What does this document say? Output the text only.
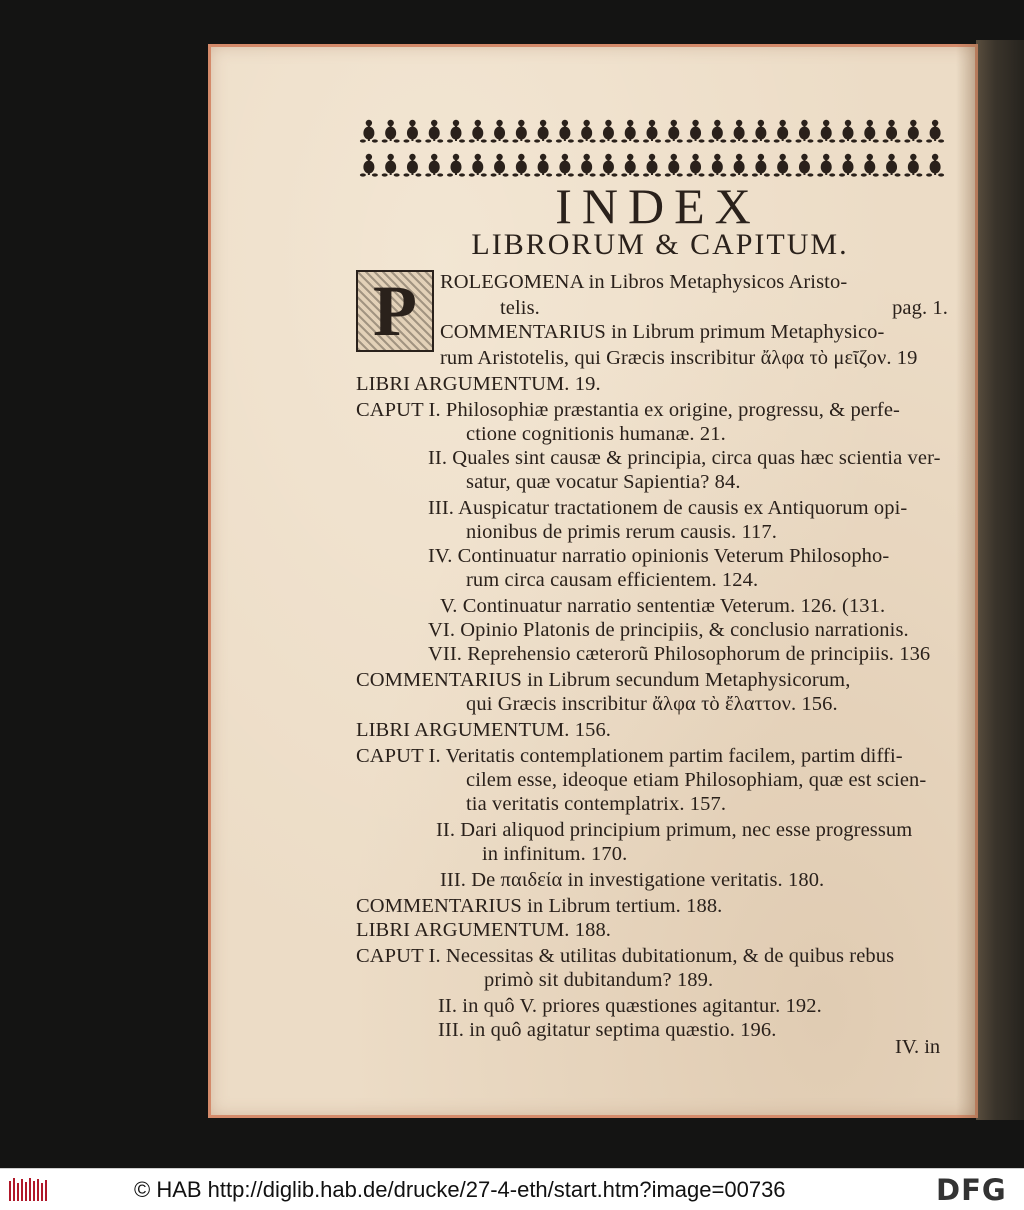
INDEX
LIBRORUM & CAPITUM.
P	ROLEGOMENA in Libros Metaphysicos Aristo-
telis.	pag. 1.
COMMENTARIUS in Librum primum Metaphysico-
rum Aristotelis, qui Græcis inscribitur ἄλφα τὸ μεῖζον. 19
LIBRI ARGUMENTUM. 19.
CAPUT I. Philosophiæ præstantia ex origine, progressu, & perfe-
ctione cognitionis humanæ. 21.
II. Quales sint causæ & principia, circa quas hæc scientia ver-
satur, quæ vocatur Sapientia? 84.
III. Auspicatur tractationem de causis ex Antiquorum opi-
nionibus de primis rerum causis. 117.
IV. Continuatur narratio opinionis Veterum Philosopho-
rum circa causam efficientem. 124.
V. Continuatur narratio sententiæ Veterum. 126. (131.
VI. Opinio Platonis de principiis, & conclusio narrationis.
VII. Reprehensio cæterorũ Philosophorum de principiis. 136
COMMENTARIUS in Librum secundum Metaphysicorum,
qui Græcis inscribitur ἄλφα τὸ ἔλαττον. 156.
LIBRI ARGUMENTUM. 156.
CAPUT I. Veritatis contemplationem partim facilem, partim diffi-
cilem esse, ideoque etiam Philosophiam, quæ est scien-
tia veritatis contemplatrix. 157.
II. Dari aliquod principium primum, nec esse progressum
in infinitum. 170.
III. De παιδεία in investigatione veritatis. 180.
COMMENTARIUS in Librum tertium. 188.
LIBRI ARGUMENTUM. 188.
CAPUT I. Necessitas & utilitas dubitationum, & de quibus rebus
primò sit dubitandum? 189.
II. in quô V. priores quæstiones agitantur. 192.
III. in quô agitatur septima quæstio. 196.
IV. in
© HAB http://diglib.hab.de/drucke/27-4-eth/start.htm?image=00736	DFG
